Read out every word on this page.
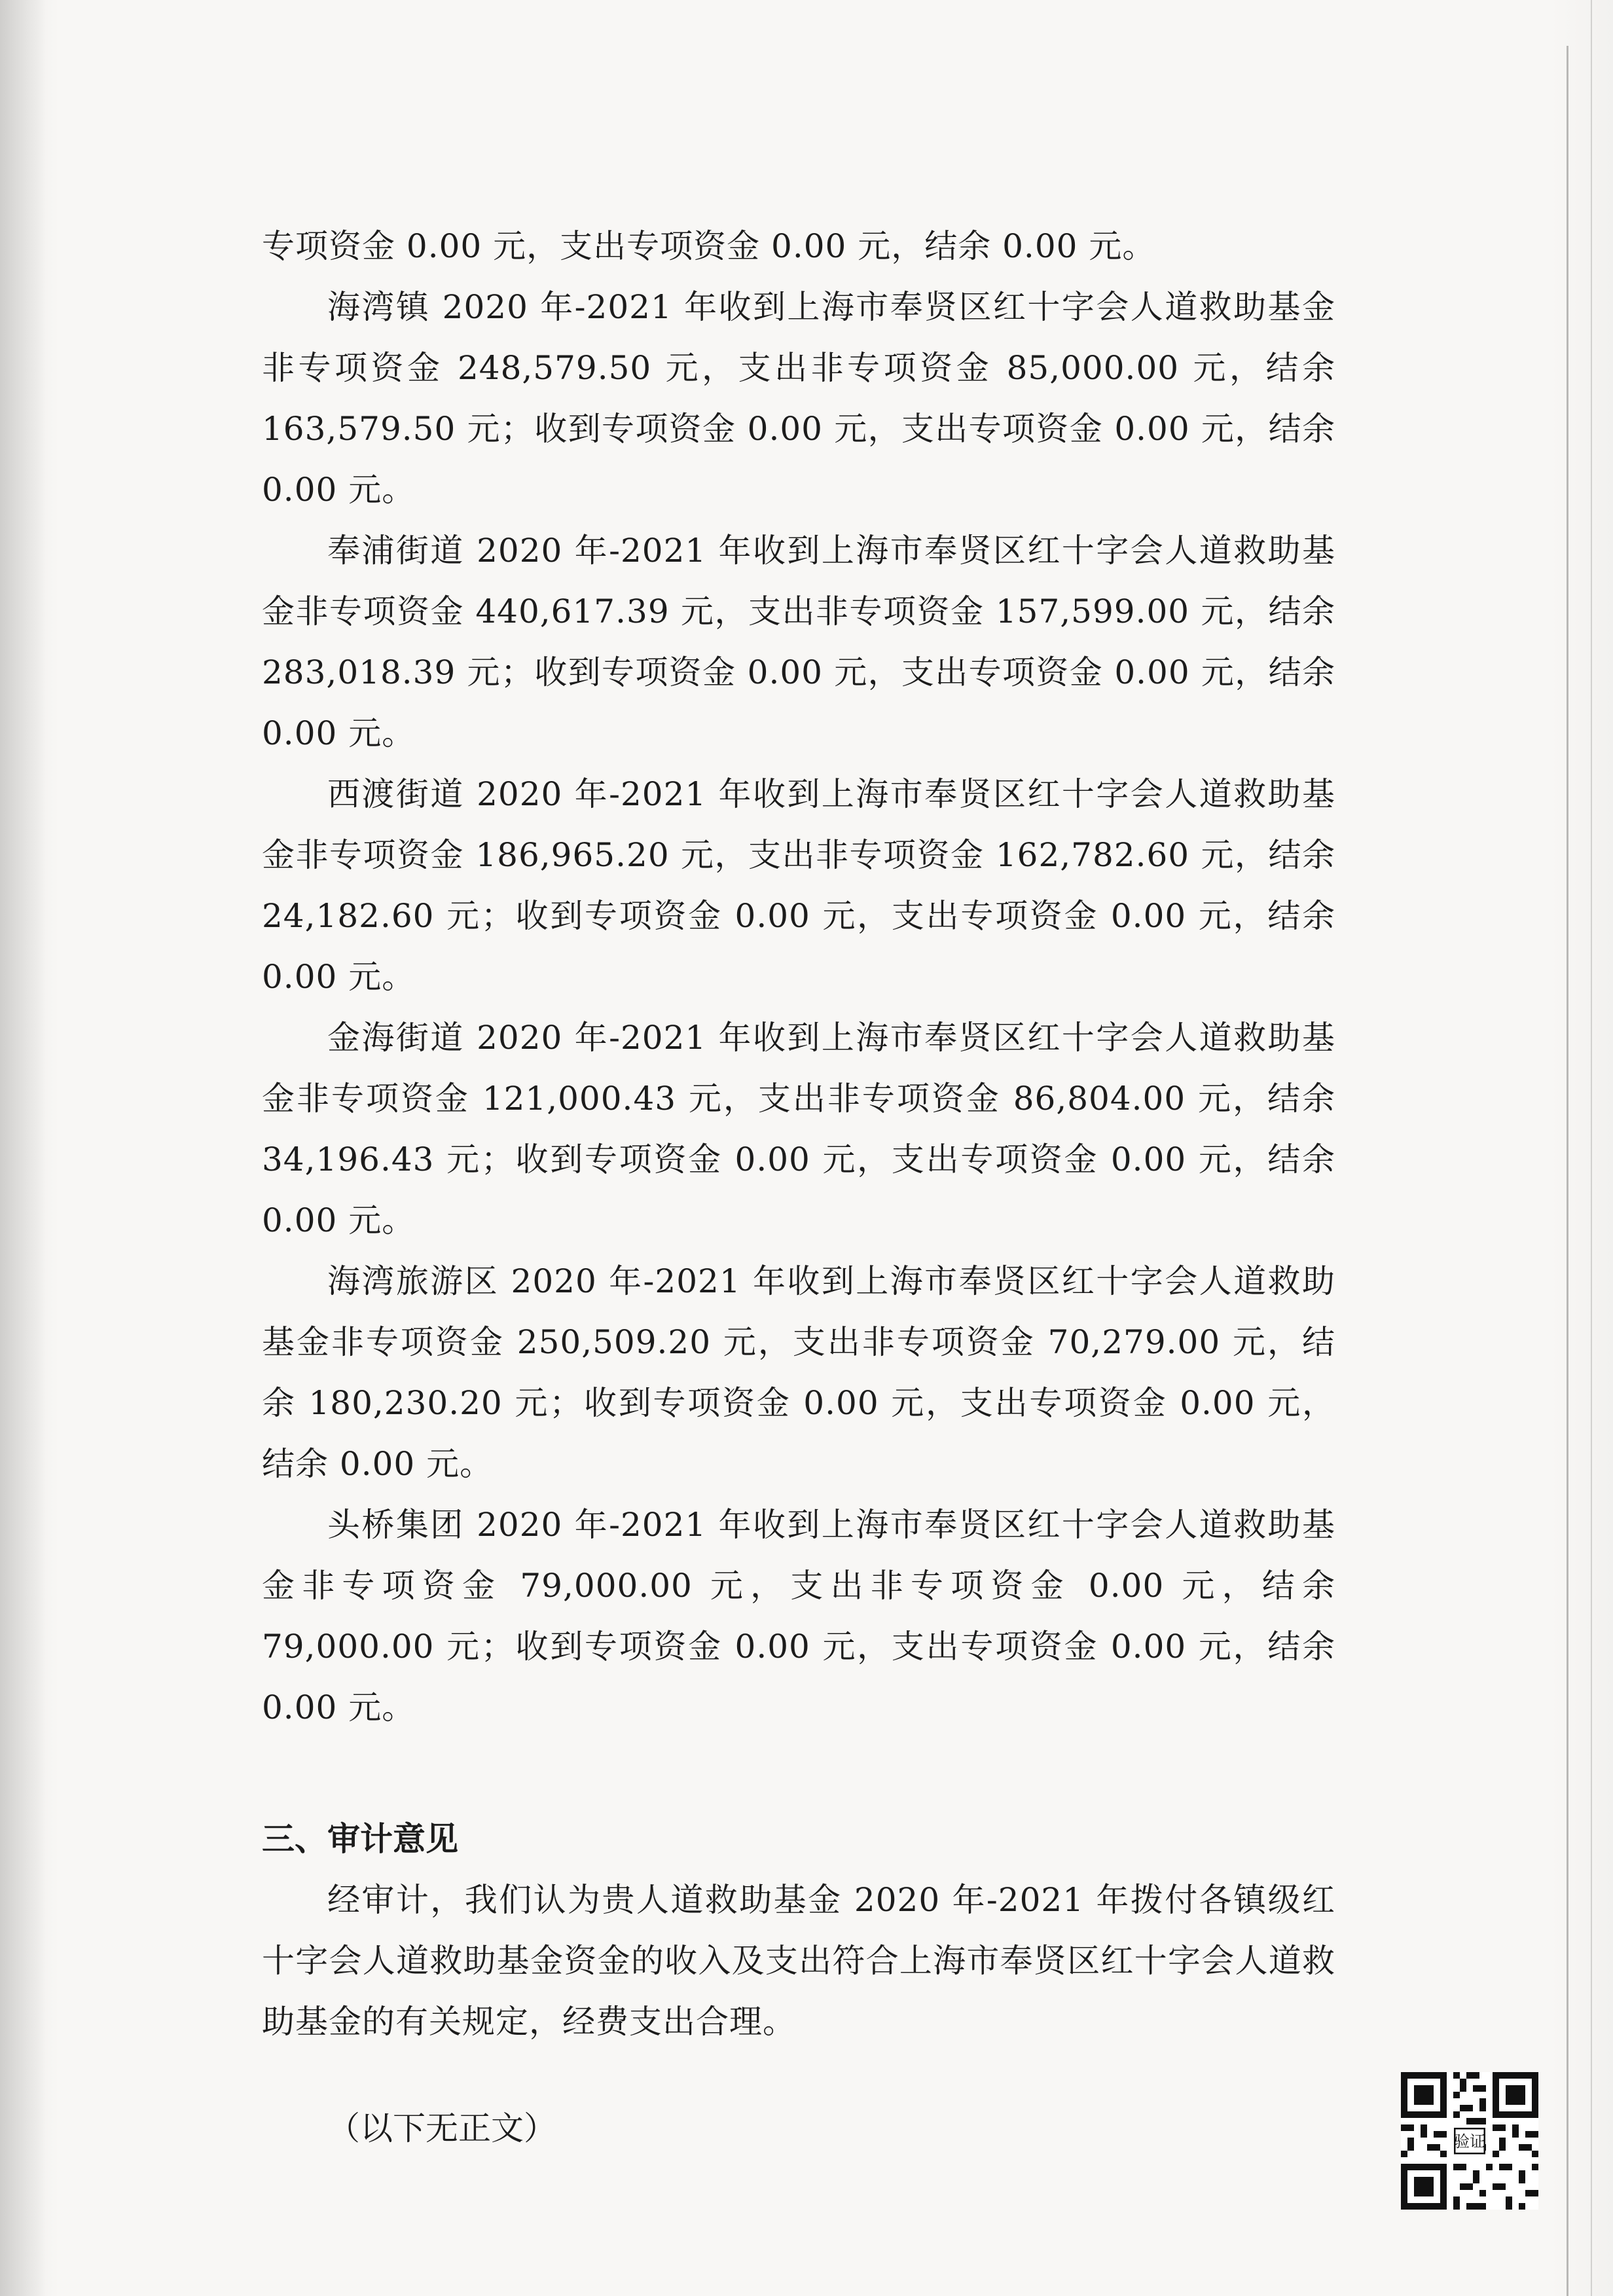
专项资金 0.00 元，支出专项资金 0.00 元，结余 0.00 元。

海湾镇 2020 年-2021 年收到上海市奉贤区红十字会人道救助基金非专项资金 248,579.50 元，支出非专项资金 85,000.00 元，结余 163,579.50 元；收到专项资金 0.00 元，支出专项资金 0.00 元，结余 0.00 元。

奉浦街道 2020 年-2021 年收到上海市奉贤区红十字会人道救助基金非专项资金 440,617.39 元，支出非专项资金 157,599.00 元，结余 283,018.39 元；收到专项资金 0.00 元，支出专项资金 0.00 元，结余 0.00 元。

西渡街道 2020 年-2021 年收到上海市奉贤区红十字会人道救助基金非专项资金 186,965.20 元，支出非专项资金 162,782.60 元，结余 24,182.60 元；收到专项资金 0.00 元，支出专项资金 0.00 元，结余 0.00 元。

金海街道 2020 年-2021 年收到上海市奉贤区红十字会人道救助基金非专项资金 121,000.43 元，支出非专项资金 86,804.00 元，结余 34,196.43 元；收到专项资金 0.00 元，支出专项资金 0.00 元，结余 0.00 元。

海湾旅游区 2020 年-2021 年收到上海市奉贤区红十字会人道救助基金非专项资金 250,509.20 元，支出非专项资金 70,279.00 元，结余 180,230.20 元；收到专项资金 0.00 元，支出专项资金 0.00 元，结余 0.00 元。

头桥集团 2020 年-2021 年收到上海市奉贤区红十字会人道救助基金非专项资金 79,000.00 元，支出非专项资金 0.00 元，结余 79,000.00 元；收到专项资金 0.00 元，支出专项资金 0.00 元，结余 0.00 元。

三、审计意见

经审计，我们认为贵人道救助基金 2020 年-2021 年拨付各镇级红十字会人道救助基金资金的收入及支出符合上海市奉贤区红十字会人道救助基金的有关规定，经费支出合理。

（以下无正文）	验证
